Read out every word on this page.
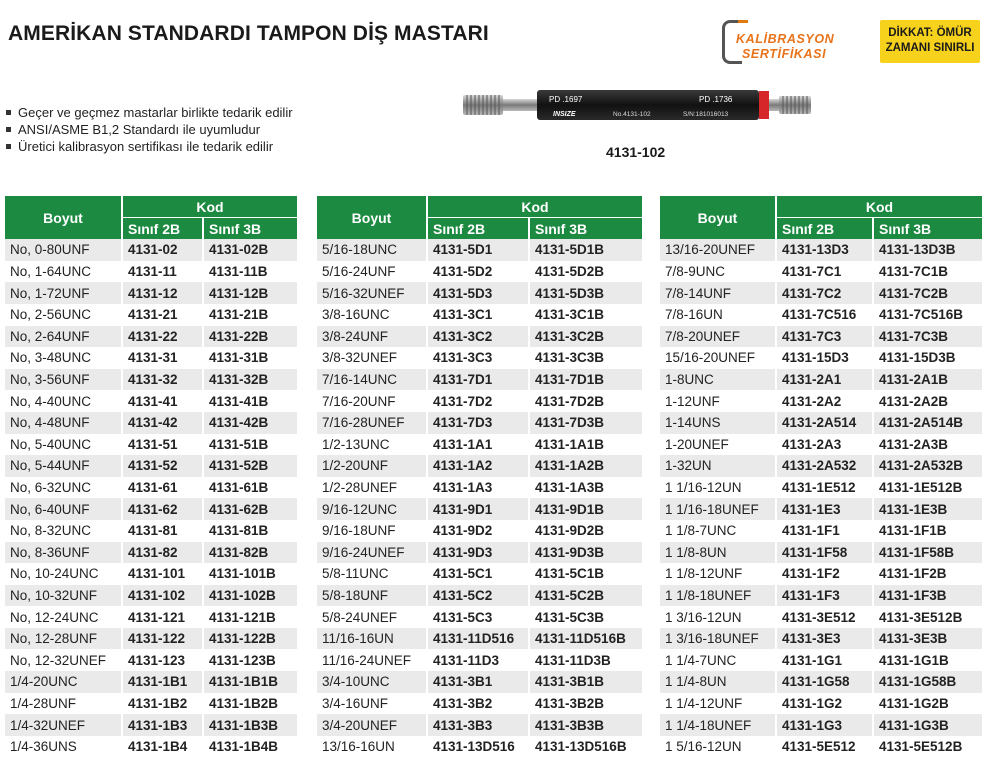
AMERİKAN STANDARDI TAMPON DİŞ MASTARI	KALİBRASYON
SERTİFİKASI
DİKKAT: ÖMÜR
ZAMANI SINIRLI
Geçer ve geçmez mastarlar birlikte tedarik edilir
ANSI/ASME B1,2 Standardı ile uyumludur
Üretici kalibrasyon sertifikası ile tedarik edilir
PD .1697	PD .1736
INSIZE	No.4131-102	S/N:181016013
4131-102
Boyut	Kod	
	Sınıf 2B	Sınıf 3B
No, 0-80UNF	4131-02	4131-02B
No, 1-64UNC	4131-11	4131-11B
No, 1-72UNF	4131-12	4131-12B
No, 2-56UNC	4131-21	4131-21B
No, 2-64UNF	4131-22	4131-22B
No, 3-48UNC	4131-31	4131-31B
No, 3-56UNF	4131-32	4131-32B
No, 4-40UNC	4131-41	4131-41B
No, 4-48UNF	4131-42	4131-42B
No, 5-40UNC	4131-51	4131-51B
No, 5-44UNF	4131-52	4131-52B
No, 6-32UNC	4131-61	4131-61B
No, 6-40UNF	4131-62	4131-62B
No, 8-32UNC	4131-81	4131-81B
No, 8-36UNF	4131-82	4131-82B
No, 10-24UNC	4131-101	4131-101B
No, 10-32UNF	4131-102	4131-102B
No, 12-24UNC	4131-121	4131-121B
No, 12-28UNF	4131-122	4131-122B
No, 12-32UNEF	4131-123	4131-123B
1/4-20UNC	4131-1B1	4131-1B1B
1/4-28UNF	4131-1B2	4131-1B2B
1/4-32UNEF	4131-1B3	4131-1B3B
1/4-36UNS	4131-1B4	4131-1B4B
Boyut	Kod	
	Sınıf 2B	Sınıf 3B
5/16-18UNC	4131-5D1	4131-5D1B
5/16-24UNF	4131-5D2	4131-5D2B
5/16-32UNEF	4131-5D3	4131-5D3B
3/8-16UNC	4131-3C1	4131-3C1B
3/8-24UNF	4131-3C2	4131-3C2B
3/8-32UNEF	4131-3C3	4131-3C3B
7/16-14UNC	4131-7D1	4131-7D1B
7/16-20UNF	4131-7D2	4131-7D2B
7/16-28UNEF	4131-7D3	4131-7D3B
1/2-13UNC	4131-1A1	4131-1A1B
1/2-20UNF	4131-1A2	4131-1A2B
1/2-28UNEF	4131-1A3	4131-1A3B
9/16-12UNC	4131-9D1	4131-9D1B
9/16-18UNF	4131-9D2	4131-9D2B
9/16-24UNEF	4131-9D3	4131-9D3B
5/8-11UNC	4131-5C1	4131-5C1B
5/8-18UNF	4131-5C2	4131-5C2B
5/8-24UNEF	4131-5C3	4131-5C3B
11/16-16UN	4131-11D516	4131-11D516B
11/16-24UNEF	4131-11D3	4131-11D3B
3/4-10UNC	4131-3B1	4131-3B1B
3/4-16UNF	4131-3B2	4131-3B2B
3/4-20UNEF	4131-3B3	4131-3B3B
13/16-16UN	4131-13D516	4131-13D516B
Boyut	Kod	
	Sınıf 2B	Sınıf 3B
13/16-20UNEF	4131-13D3	4131-13D3B
7/8-9UNC	4131-7C1	4131-7C1B
7/8-14UNF	4131-7C2	4131-7C2B
7/8-16UN	4131-7C516	4131-7C516B
7/8-20UNEF	4131-7C3	4131-7C3B
15/16-20UNEF	4131-15D3	4131-15D3B
1-8UNC	4131-2A1	4131-2A1B
1-12UNF	4131-2A2	4131-2A2B
1-14UNS	4131-2A514	4131-2A514B
1-20UNEF	4131-2A3	4131-2A3B
1-32UN	4131-2A532	4131-2A532B
1 1/16-12UN	4131-1E512	4131-1E512B
1 1/16-18UNEF	4131-1E3	4131-1E3B
1 1/8-7UNC	4131-1F1	4131-1F1B
1 1/8-8UN	4131-1F58	4131-1F58B
1 1/8-12UNF	4131-1F2	4131-1F2B
1 1/8-18UNEF	4131-1F3	4131-1F3B
1 3/16-12UN	4131-3E512	4131-3E512B
1 3/16-18UNEF	4131-3E3	4131-3E3B
1 1/4-7UNC	4131-1G1	4131-1G1B
1 1/4-8UN	4131-1G58	4131-1G58B
1 1/4-12UNF	4131-1G2	4131-1G2B
1 1/4-18UNEF	4131-1G3	4131-1G3B
1 5/16-12UN	4131-5E512	4131-5E512B
